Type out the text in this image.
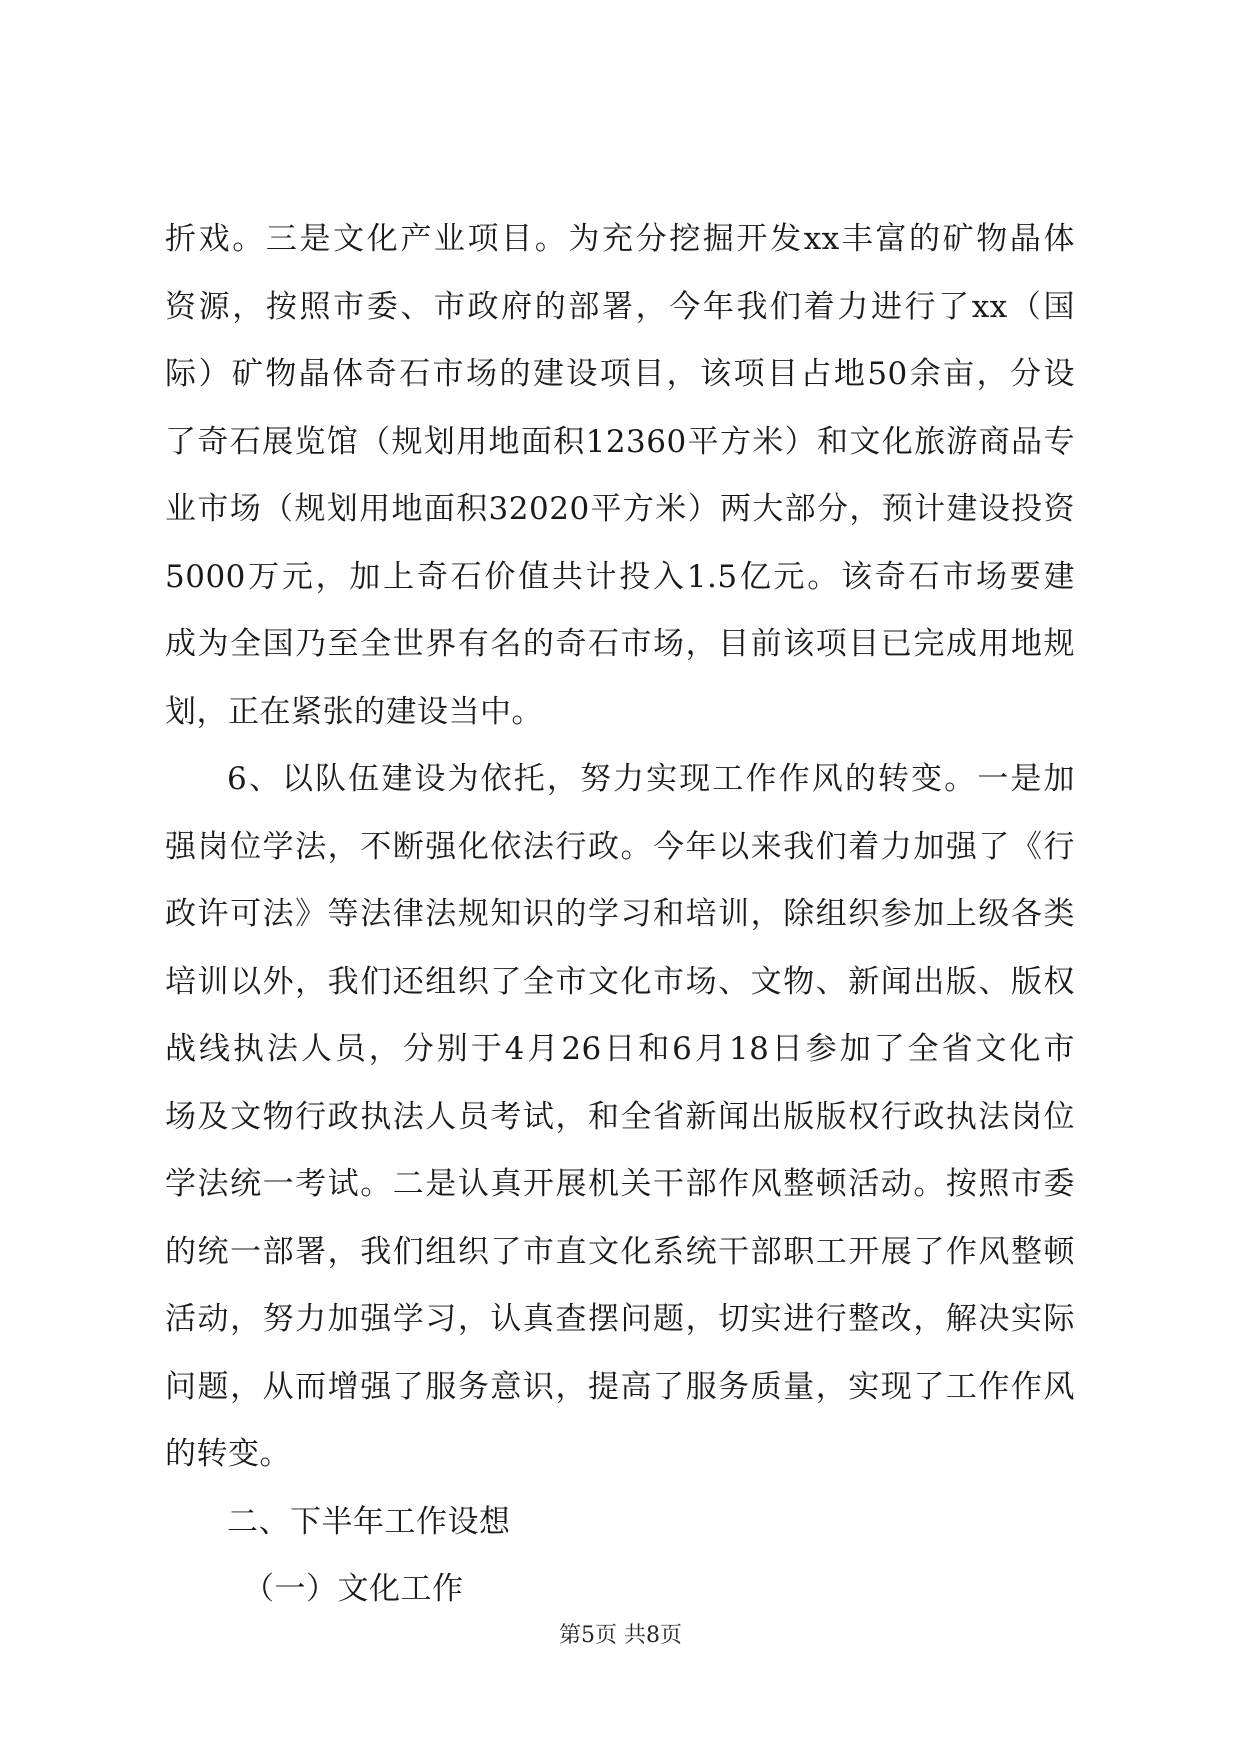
折戏。三是文化产业项目。为充分挖掘开发xx丰富的矿物晶体
资源，按照市委、市政府的部署，今年我们着力进行了xx（国
际）矿物晶体奇石市场的建设项目，该项目占地50余亩，分设
了奇石展览馆（规划用地面积12360平方米）和文化旅游商品专
业市场（规划用地面积32020平方米）两大部分，预计建设投资
5000万元，加上奇石价值共计投入1.5亿元。该奇石市场要建
成为全国乃至全世界有名的奇石市场，目前该项目已完成用地规
划，正在紧张的建设当中。
6、以队伍建设为依托，努力实现工作作风的转变。一是加
强岗位学法，不断强化依法行政。今年以来我们着力加强了《行
政许可法》等法律法规知识的学习和培训，除组织参加上级各类
培训以外，我们还组织了全市文化市场、文物、新闻出版、版权
战线执法人员，分别于4月26日和6月18日参加了全省文化市
场及文物行政执法人员考试，和全省新闻出版版权行政执法岗位
学法统一考试。二是认真开展机关干部作风整顿活动。按照市委
的统一部署，我们组织了市直文化系统干部职工开展了作风整顿
活动，努力加强学习，认真查摆问题，切实进行整改，解决实际
问题，从而增强了服务意识，提高了服务质量，实现了工作作风
的转变。
二、下半年工作设想
（一）文化工作
第5页 共8页
